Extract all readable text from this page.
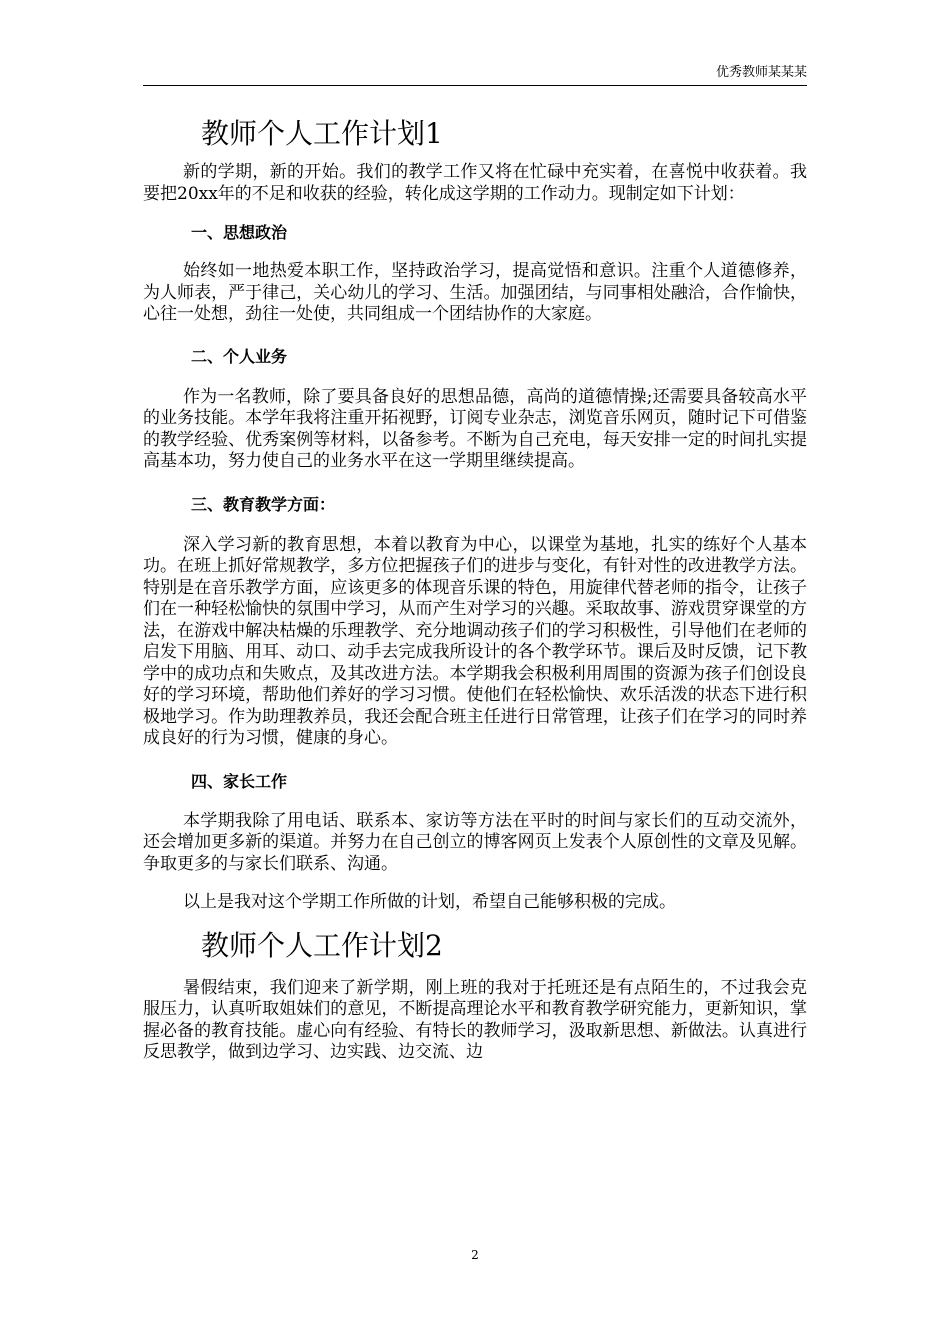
优秀教师某某某
教师个人工作计划1

新的学期，新的开始。我们的教学工作又将在忙碌中充实着，在喜悦中收获着。我要把20xx年的不足和收获的经验，转化成这学期的工作动力。现制定如下计划：

一、思想政治

始终如一地热爱本职工作，坚持政治学习，提高觉悟和意识。注重个人道德修养，为人师表，严于律己，关心幼儿的学习、生活。加强团结，与同事相处融洽，合作愉快，心往一处想，劲往一处使，共同组成一个团结协作的大家庭。

二、个人业务

作为一名教师，除了要具备良好的思想品德，高尚的道德情操;还需要具备较高水平的业务技能。本学年我将注重开拓视野，订阅专业杂志，浏览音乐网页，随时记下可借鉴的教学经验、优秀案例等材料，以备参考。不断为自己充电，每天安排一定的时间扎实提高基本功，努力使自己的业务水平在这一学期里继续提高。

三、教育教学方面：

深入学习新的教育思想，本着以教育为中心，以课堂为基地，扎实的练好个人基本功。在班上抓好常规教学，多方位把握孩子们的进步与变化，有针对性的改进教学方法。特别是在音乐教学方面，应该更多的体现音乐课的特色，用旋律代替老师的指令，让孩子们在一种轻松愉快的氛围中学习，从而产生对学习的兴趣。采取故事、游戏贯穿课堂的方法，在游戏中解决枯燥的乐理教学、充分地调动孩子们的学习积极性，引导他们在老师的启发下用脑、用耳、动口、动手去完成我所设计的各个教学环节。课后及时反馈，记下教学中的成功点和失败点，及其改进方法。本学期我会积极利用周围的资源为孩子们创设良好的学习环境，帮助他们养好的学习习惯。使他们在轻松愉快、欢乐活泼的状态下进行积极地学习。作为助理教养员，我还会配合班主任进行日常管理，让孩子们在学习的同时养成良好的行为习惯，健康的身心。

四、家长工作

本学期我除了用电话、联系本、家访等方法在平时的时间与家长们的互动交流外，还会增加更多新的渠道。并努力在自己创立的博客网页上发表个人原创性的文章及见解。争取更多的与家长们联系、沟通。

以上是我对这个学期工作所做的计划，希望自己能够积极的完成。

教师个人工作计划2

暑假结束，我们迎来了新学期，刚上班的我对于托班还是有点陌生的，不过我会克服压力，认真听取姐妹们的意见，不断提高理论水平和教育教学研究能力，更新知识，掌握必备的教育技能。虚心向有经验、有特长的教师学习，汲取新思想、新做法。认真进行反思教学，做到边学习、边实践、边交流、边

2
